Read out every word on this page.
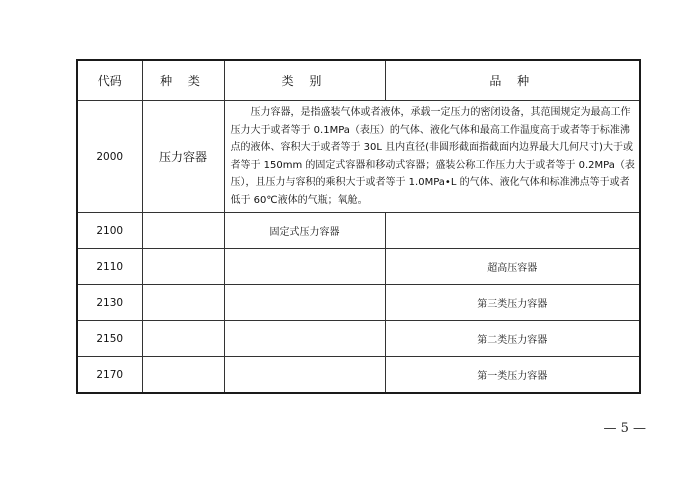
代码	种 类	类 别	品 种
2000	压力容器	压力容器，是指盛装气体或者液体，承载一定压力的密闭设备，其范围规定为最高工作压力大于或者等于 0.1MPa（表压）的气体、液化气体和最高工作温度高于或者等于标准沸点的液体、容积大于或者等于 30L 且内直径(非圆形截面指截面内边界最大几何尺寸)大于或者等于 150mm 的固定式容器和移动式容器；盛装公称工作压力大于或者等于 0.2MPa（表压），且压力与容积的乘积大于或者等于 1.0MPa•L 的气体、液化气体和标准沸点等于或者低于 60℃液体的气瓶；氧舱。	

2100		固定式压力容器	
2110			超高压容器
2130			第三类压力容器
2150			第二类压力容器
2170			第一类压力容器
— 5 —
